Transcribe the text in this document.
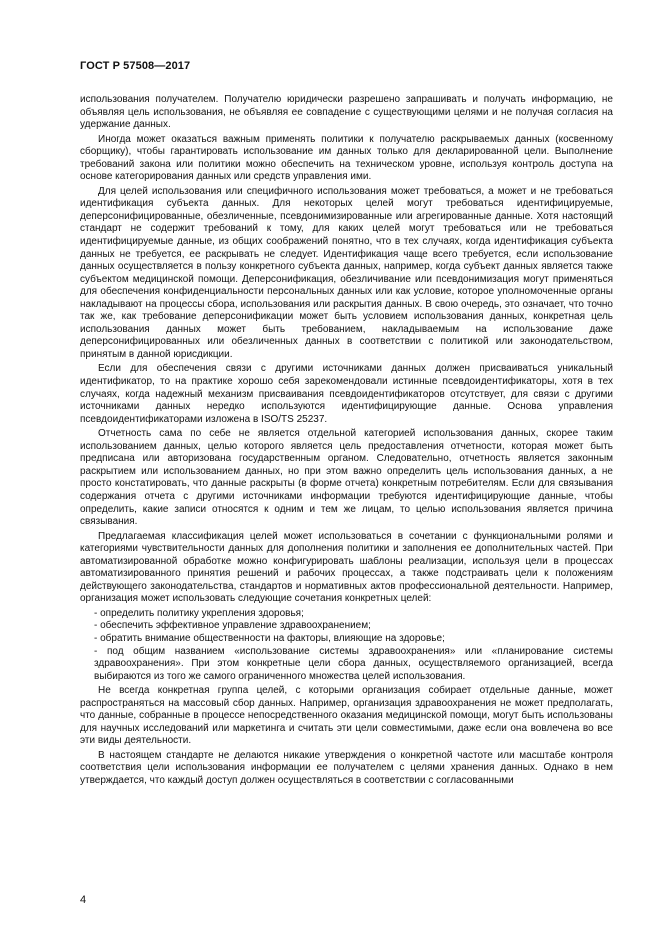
ГОСТ Р 57508—2017

использования получателем. Получателю юридически разрешено запрашивать и получать информацию, не объявляя цель использования, не объявляя ее совпадение с существующими целями и не получая согласия на удержание данных.

Иногда может оказаться важным применять политики к получателю раскрываемых данных (косвенному сборщику), чтобы гарантировать использование им данных только для декларированной цели. Выполнение требований закона или политики можно обеспечить на техническом уровне, используя контроль доступа на основе категорирования данных или средств управления ими.

Для целей использования или специфичного использования может требоваться, а может и не требоваться идентификация субъекта данных. Для некоторых целей могут требоваться идентифицируемые, деперсонифицированные, обезличенные, псевдонимизированные или агрегированные данные. Хотя настоящий стандарт не содержит требований к тому, для каких целей могут требоваться или не требоваться идентифицируемые данные, из общих соображений понятно, что в тех случаях, когда идентификация субъекта данных не требуется, ее раскрывать не следует. Идентификация чаще всего требуется, если использование данных осуществляется в пользу конкретного субъекта данных, например, когда субъект данных является также субъектом медицинской помощи. Деперсонификация, обезличивание или псевдонимизация могут применяться для обеспечения конфиденциальности персональных данных или как условие, которое уполномоченные органы накладывают на процессы сбора, использования или раскрытия данных. В свою очередь, это означает, что точно так же, как требование деперсонификации может быть условием использования данных, конкретная цель использования данных может быть требованием, накладываемым на использование даже деперсонифицированных или обезличенных данных в соответствии с политикой или законодательством, принятым в данной юрисдикции.

Если для обеспечения связи с другими источниками данных должен присваиваться уникальный идентификатор, то на практике хорошо себя зарекомендовали истинные псевдоидентификаторы, хотя в тех случаях, когда надежный механизм присваивания псевдоидентификаторов отсутствует, для связи с другими источниками данных нередко используются идентифицирующие данные. Основа управления псевдоидентификаторами изложена в ISO/TS 25237.

Отчетность сама по себе не является отдельной категорией использования данных, скорее таким использованием данных, целью которого является цель предоставления отчетности, которая может быть предписана или авторизована государственным органом. Следовательно, отчетность является законным раскрытием или использованием данных, но при этом важно определить цель использования данных, а не просто констатировать, что данные раскрыты (в форме отчета) конкретным потребителям. Если для связывания содержания отчета с другими источниками информации требуются идентифицирующие данные, чтобы определить, какие записи относятся к одним и тем же лицам, то целью использования является причина связывания.

Предлагаемая классификация целей может использоваться в сочетании с функциональными ролями и категориями чувствительности данных для дополнения политики и заполнения ее дополнительных частей. При автоматизированной обработке можно конфигурировать шаблоны реализации, используя цели в процессах автоматизированного принятия решений и рабочих процессах, а также подстраивать цели к положениям действующего законодательства, стандартов и нормативных актов профессиональной деятельности. Например, организация может использовать следующие сочетания конкретных целей:

- определить политику укрепления здоровья;

- обеспечить эффективное управление здравоохранением;

- обратить внимание общественности на факторы, влияющие на здоровье;

- под общим названием «использование системы здравоохранения» или «планирование системы здравоохранения». При этом конкретные цели сбора данных, осуществляемого организацией, всегда выбираются из того же самого ограниченного множества целей использования.

Не всегда конкретная группа целей, с которыми организация собирает отдельные данные, может распространяться на массовый сбор данных. Например, организация здравоохранения не может предполагать, что данные, собранные в процессе непосредственного оказания медицинской помощи, могут быть использованы для научных исследований или маркетинга и считать эти цели совместимыми, даже если она вовлечена во все эти виды деятельности.

В настоящем стандарте не делаются никакие утверждения о конкретной частоте или масштабе контроля соответствия цели использования информации ее получателем с целями хранения данных. Однако в нем утверждается, что каждый доступ должен осуществляться в соответствии с согласованными

4
